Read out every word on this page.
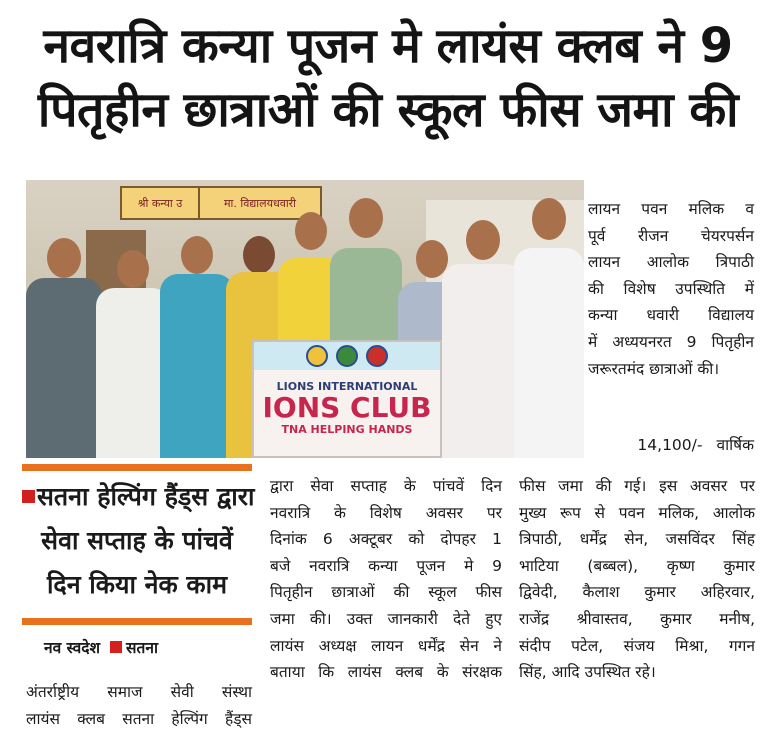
नवरात्रि कन्या पूजन मे लायंस क्लब ने 9
पितृहीन छात्राओं की स्कूल फीस जमा की
श्री कन्या उ	मा. विद्यालयधवारी
LIONS INTERNATIONAL
IONS CLUB
TNA HELPING HANDS
लायन पवन मलिक व
पूर्व रीजन चेयरपर्सन
लायन आलोक त्रिपाठी
की विशेष उपस्थिति में
कन्या धवारी विद्यालय
में अध्ययनरत 9 पितृहीन
जरूरतमंद छात्राओं की।
14,100/- वार्षिक
सतना हेल्पिंग हैंड्स द्वारा
सेवा सप्ताह के पांचवें
दिन किया नेक काम
नव स्वदेश सतना
अंतर्राष्ट्रीय समाज सेवी संस्था
लायंस क्लब सतना हेल्पिंग हैंड्स
द्वारा सेवा सप्ताह के पांचवें दिन
नवरात्रि के विशेष अवसर पर
दिनांक 6 अक्टूबर को दोपहर 1
बजे नवरात्रि कन्या पूजन मे 9
पितृहीन छात्राओं की स्कूल फीस
जमा की। उक्त जानकारी देते हुए
लायंस अध्यक्ष लायन धर्मेंद्र सेन ने
बताया कि लायंस क्लब के संरक्षक
फीस जमा की गई। इस अवसर पर
मुख्य रूप से पवन मलिक, आलोक
त्रिपाठी, धर्मेंद्र सेन, जसविंदर सिंह
भाटिया (बब्बल), कृष्ण कुमार
द्विवेदी, कैलाश कुमार अहिरवार,
राजेंद्र श्रीवास्तव, कुमार मनीष,
संदीप पटेल, संजय मिश्रा, गगन
सिंह, आदि उपस्थित रहे।
